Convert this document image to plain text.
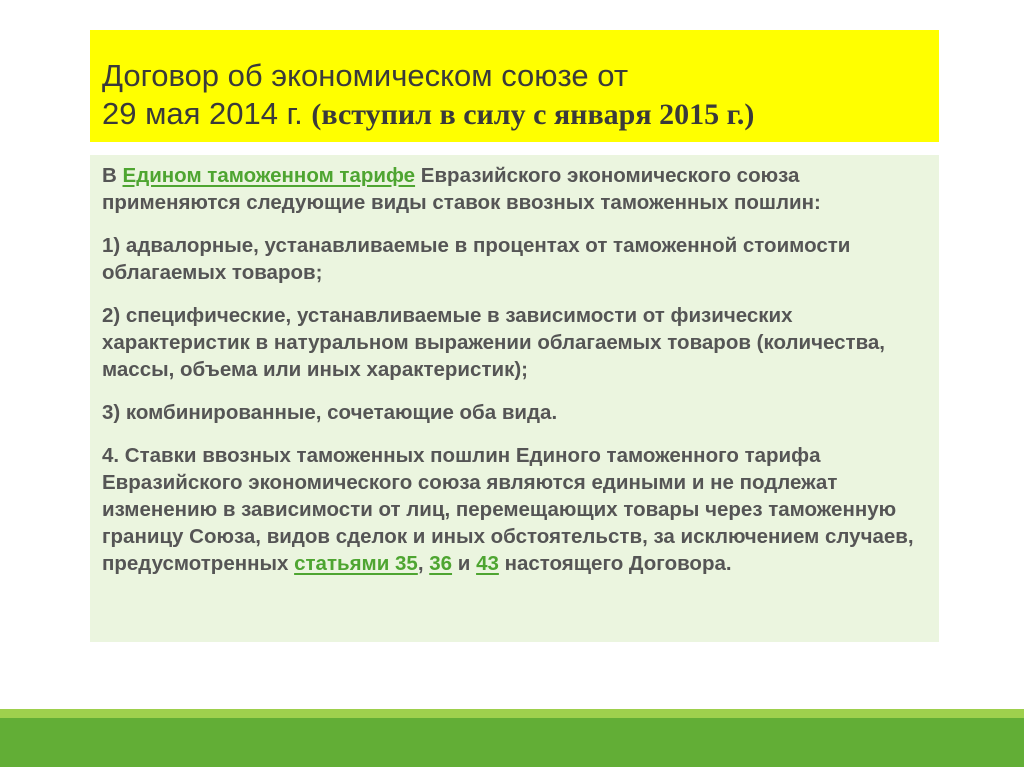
Договор об экономическом союзе от
29 мая 2014 г. (вступил в силу с января 2015 г.)

В Едином таможенном тарифе Евразийского экономического союза применяются следующие виды ставок ввозных таможенных пошлин:

1) адвалорные, устанавливаемые в процентах от таможенной стоимости облагаемых товаров;

2) специфические, устанавливаемые в зависимости от физических характеристик в натуральном выражении облагаемых товаров (количества, массы, объема или иных характеристик);

3) комбинированные, сочетающие оба вида.

4. Ставки ввозных таможенных пошлин Единого таможенного тарифа Евразийского экономического союза являются едиными и не подлежат изменению в зависимости от лиц, перемещающих товары через таможенную границу Союза, видов сделок и иных обстоятельств, за исключением случаев, предусмотренных статьями 35, 36 и 43 настоящего Договора.
